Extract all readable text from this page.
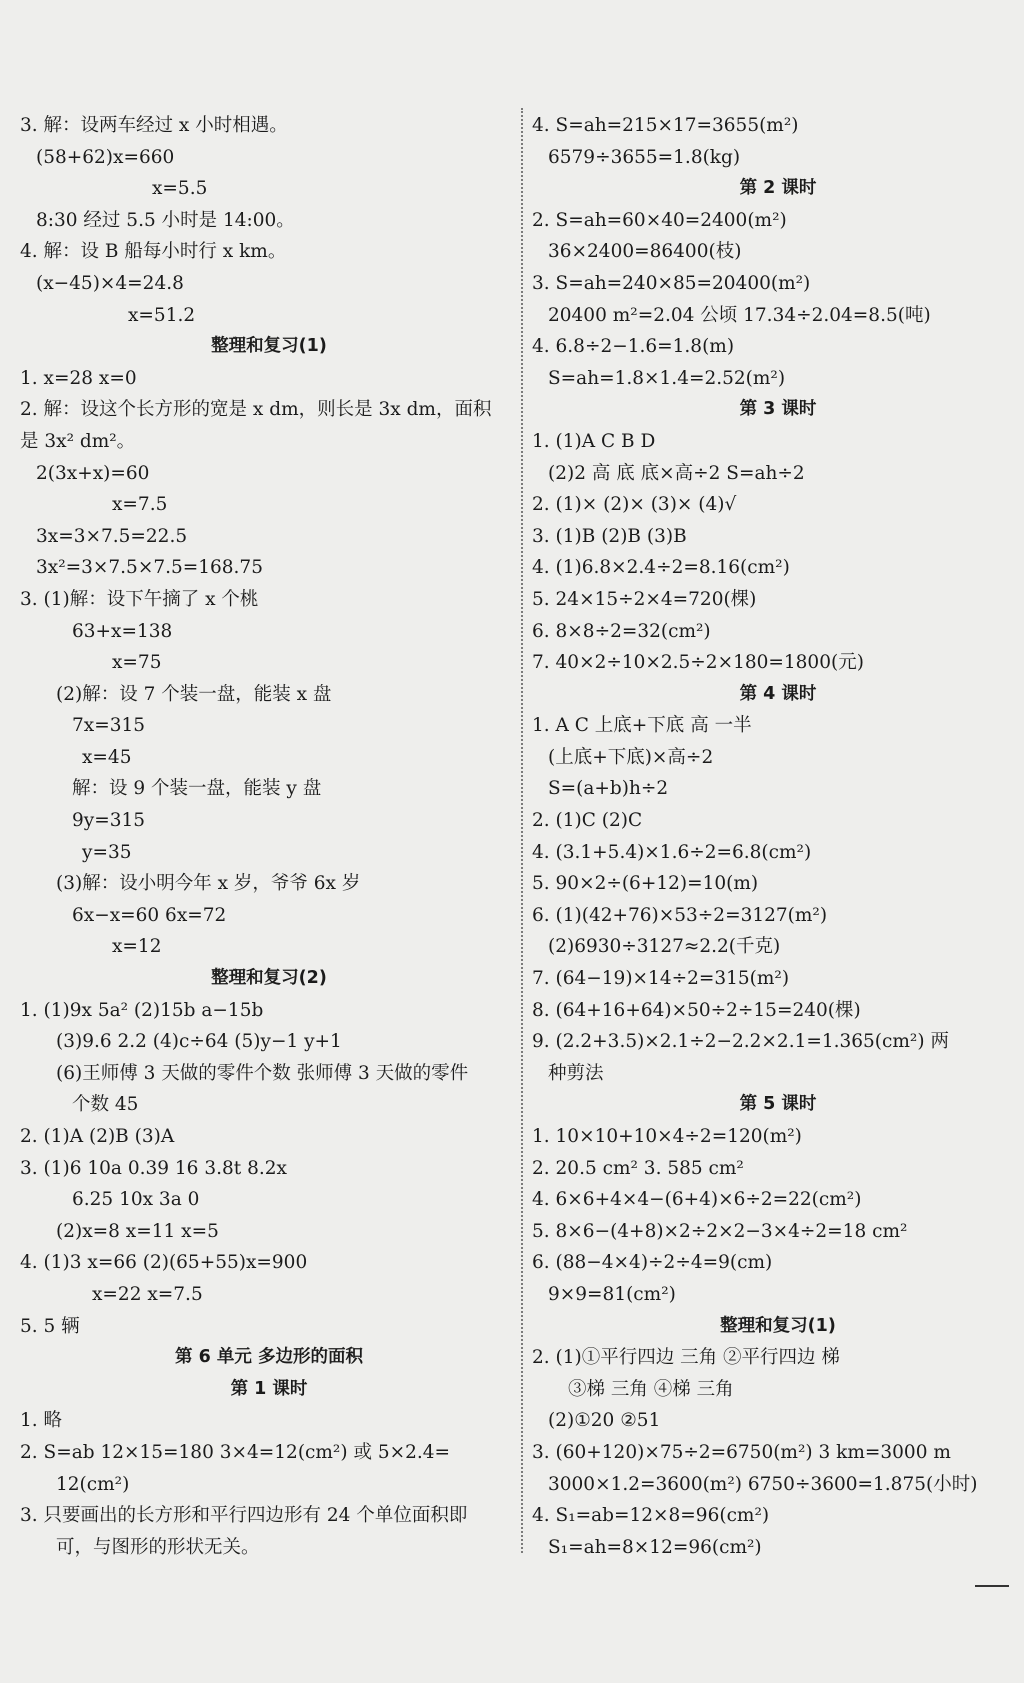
3. 解：设两车经过 x 小时相遇。
(58+62)x=660
x=5.5
8:30 经过 5.5 小时是 14:00。
4. 解：设 B 船每小时行 x km。
(x−45)×4=24.8
x=51.2
整理和复习(1)
1. x=28 x=0
2. 解：设这个长方形的宽是 x dm，则长是 3x dm，面积
是 3x² dm²。
2(3x+x)=60
x=7.5
3x=3×7.5=22.5
3x²=3×7.5×7.5=168.75
3. (1)解：设下午摘了 x 个桃
63+x=138
x=75
(2)解：设 7 个装一盘，能装 x 盘
7x=315
x=45
解：设 9 个装一盘，能装 y 盘
9y=315
y=35
(3)解：设小明今年 x 岁，爷爷 6x 岁
6x−x=60 6x=72
x=12
整理和复习(2)
1. (1)9x 5a² (2)15b a−15b
(3)9.6 2.2 (4)c÷64 (5)y−1 y+1
(6)王师傅 3 天做的零件个数 张师傅 3 天做的零件
个数 45
2. (1)A (2)B (3)A
3. (1)6 10a 0.39 16 3.8t 8.2x
6.25 10x 3a 0
(2)x=8 x=11 x=5
4. (1)3 x=66 (2)(65+55)x=900
x=22 x=7.5
5. 5 辆
第 6 单元 多边形的面积
第 1 课时
1. 略
2. S=ab 12×15=180 3×4=12(cm²) 或 5×2.4=
12(cm²)
3. 只要画出的长方形和平行四边形有 24 个单位面积即
可，与图形的形状无关。
4. S=ah=215×17=3655(m²)
6579÷3655=1.8(kg)
第 2 课时
2. S=ah=60×40=2400(m²)
36×2400=86400(枝)
3. S=ah=240×85=20400(m²)
20400 m²=2.04 公顷 17.34÷2.04=8.5(吨)
4. 6.8÷2−1.6=1.8(m)
S=ah=1.8×1.4=2.52(m²)
第 3 课时
1. (1)A C B D
(2)2 高 底 底×高÷2 S=ah÷2
2. (1)× (2)× (3)× (4)√
3. (1)B (2)B (3)B
4. (1)6.8×2.4÷2=8.16(cm²)
5. 24×15÷2×4=720(棵)
6. 8×8÷2=32(cm²)
7. 40×2÷10×2.5÷2×180=1800(元)
第 4 课时
1. A C 上底+下底 高 一半
(上底+下底)×高÷2
S=(a+b)h÷2
2. (1)C (2)C
4. (3.1+5.4)×1.6÷2=6.8(cm²)
5. 90×2÷(6+12)=10(m)
6. (1)(42+76)×53÷2=3127(m²)
(2)6930÷3127≈2.2(千克)
7. (64−19)×14÷2=315(m²)
8. (64+16+64)×50÷2÷15=240(棵)
9. (2.2+3.5)×2.1÷2−2.2×2.1=1.365(cm²) 两
种剪法
第 5 课时
1. 10×10+10×4÷2=120(m²)
2. 20.5 cm² 3. 585 cm²
4. 6×6+4×4−(6+4)×6÷2=22(cm²)
5. 8×6−(4+8)×2÷2×2−3×4÷2=18 cm²
6. (88−4×4)÷2÷4=9(cm)
9×9=81(cm²)
整理和复习(1)
2. (1)①平行四边 三角 ②平行四边 梯
③梯 三角 ④梯 三角
(2)①20 ②51
3. (60+120)×75÷2=6750(m²) 3 km=3000 m
3000×1.2=3600(m²) 6750÷3600=1.875(小时)
4. S₁=ab=12×8=96(cm²)
S₁=ah=8×12=96(cm²)
